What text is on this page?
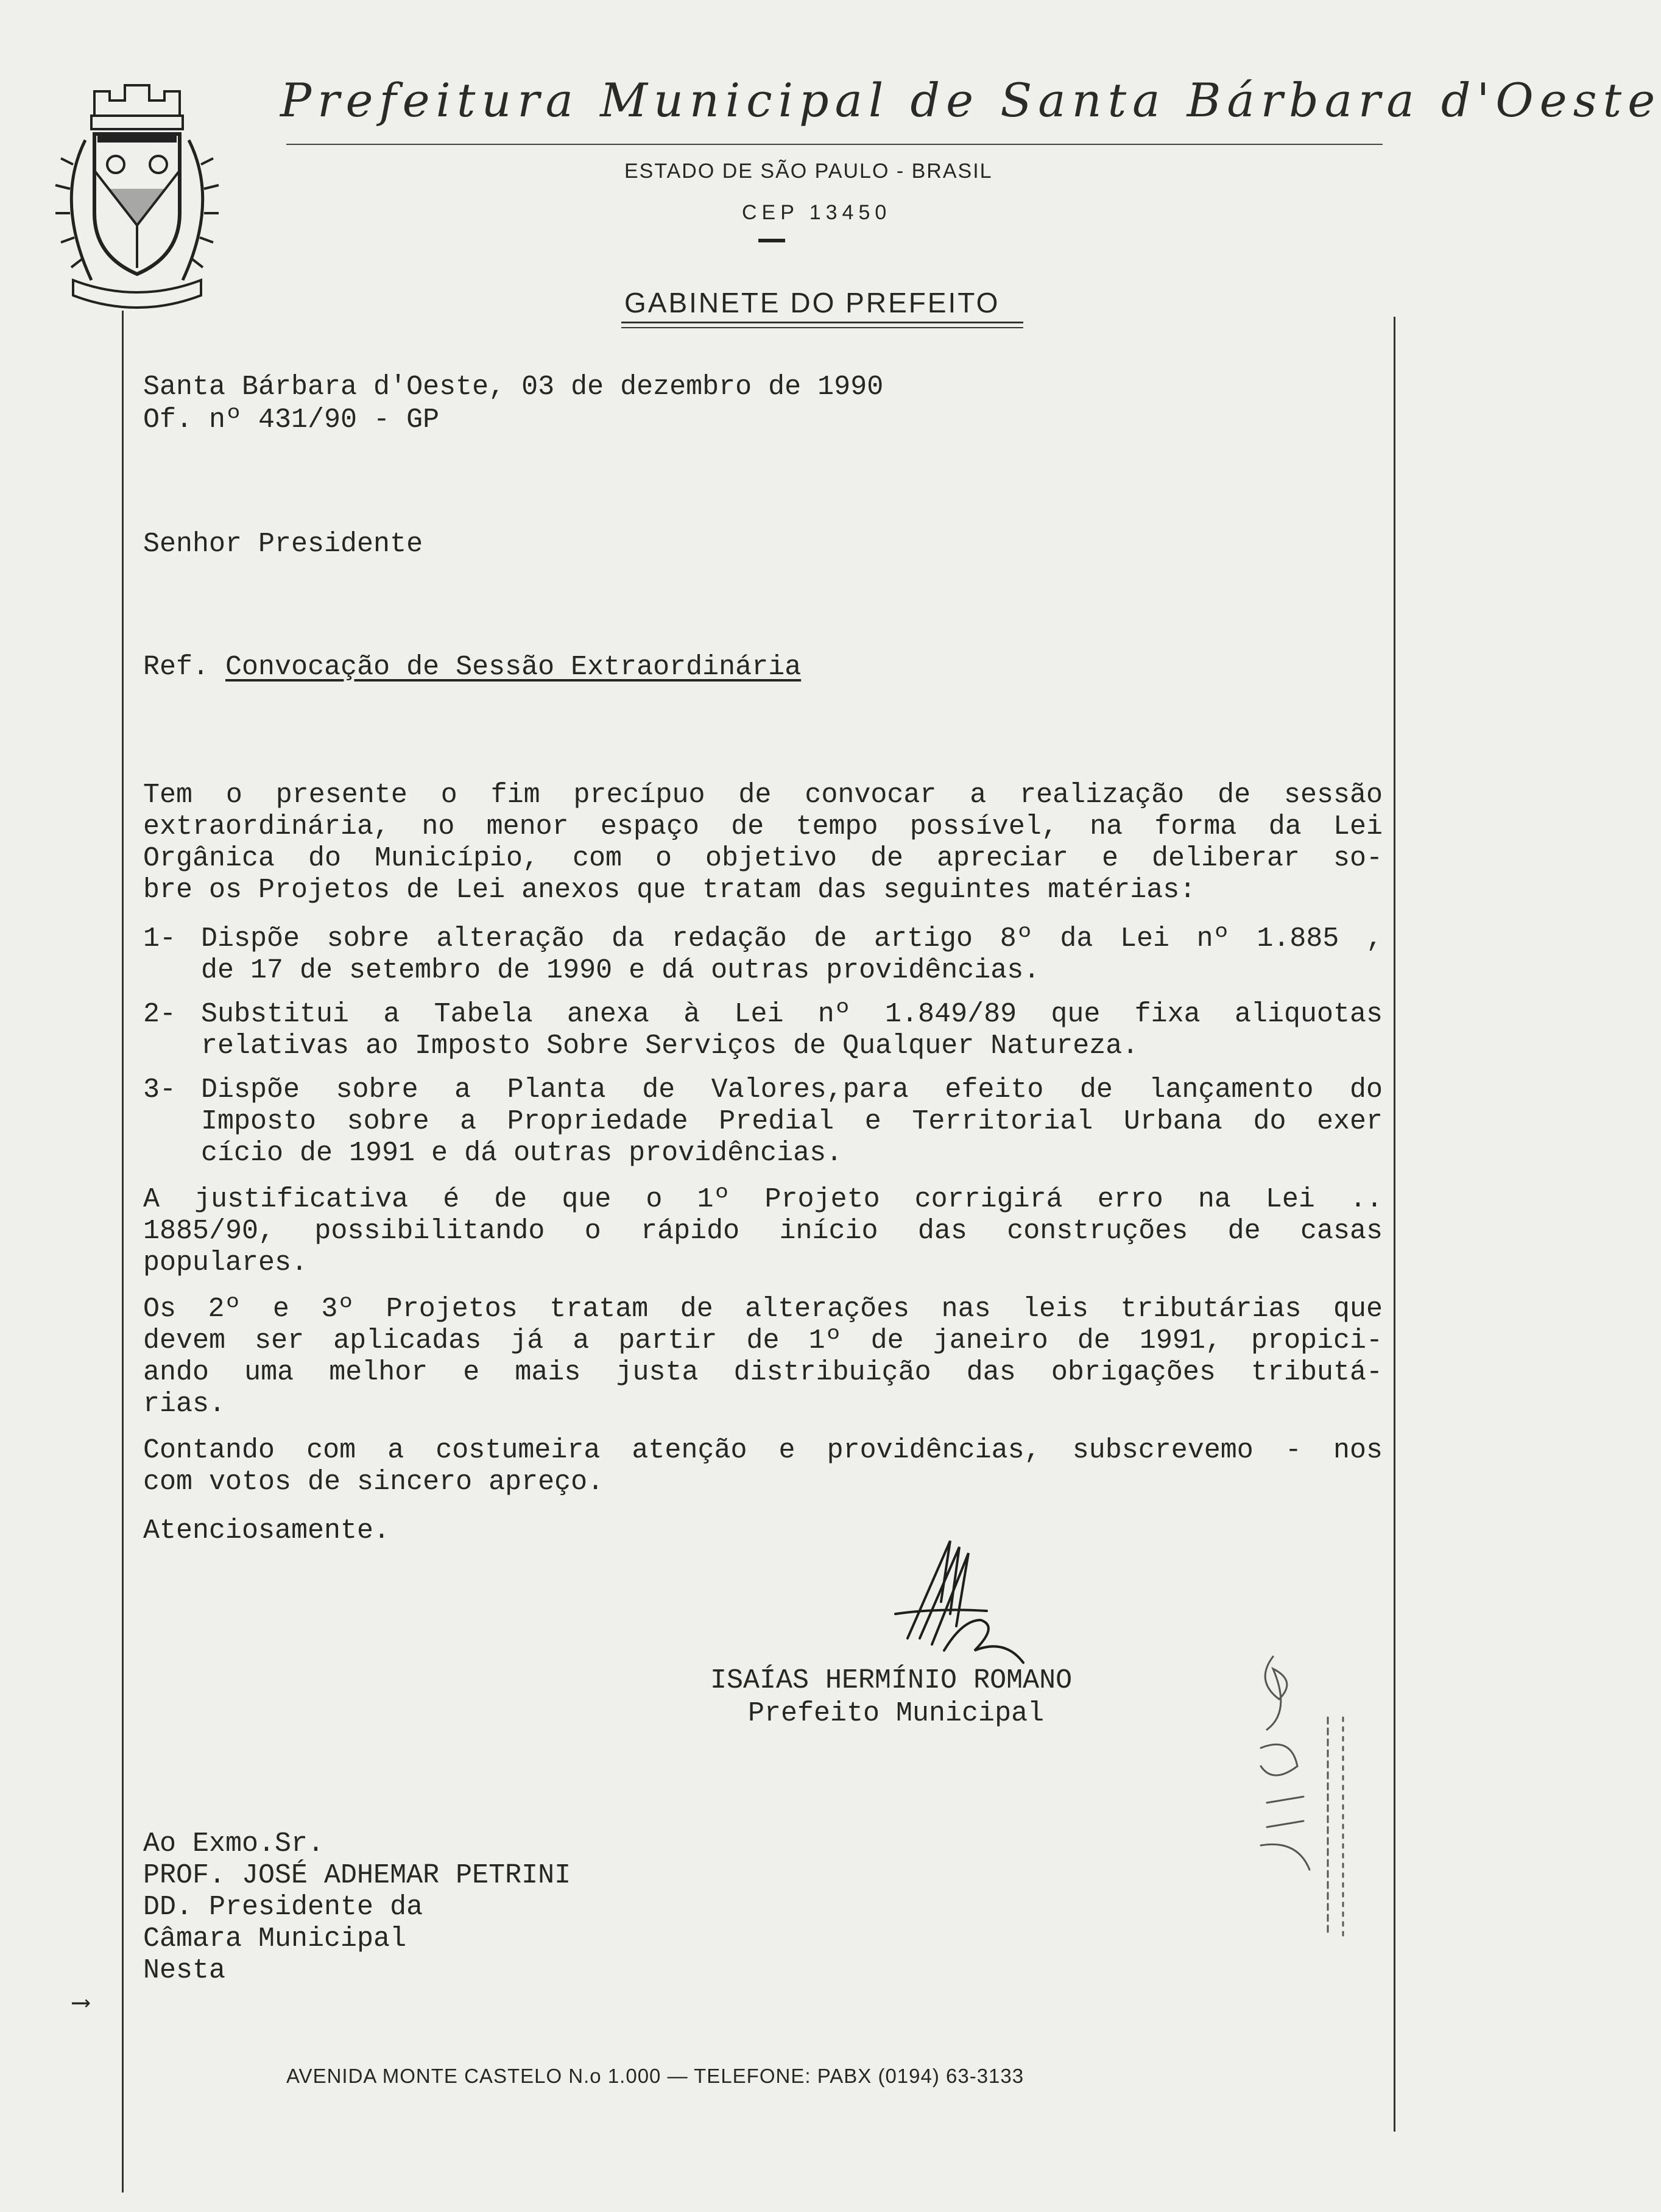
Prefeitura Municipal de Santa Bárbara d'Oeste
ESTADO DE SÃO PAULO - BRASIL
CEP 13450
GABINETE DO PREFEITO
Santa Bárbara d'Oeste, 03 de dezembro de 1990
Of. nº 431/90 - GP
Senhor Presidente
Ref. Convocação de Sessão Extraordinária
Tem o presente o fim precípuo de convocar a realização de sessão
extraordinária, no menor espaço de tempo possível, na forma da Lei
Orgânica do Município, com o objetivo de apreciar e deliberar so-
bre os Projetos de Lei anexos que tratam das seguintes matérias:
1- Dispõe sobre alteração da redação de artigo 8º da Lei nº 1.885 ,
de 17 de setembro de 1990 e dá outras providências.
2- Substitui a Tabela anexa à Lei nº 1.849/89 que fixa aliquotas
relativas ao Imposto Sobre Serviços de Qualquer Natureza.
3- Dispõe sobre a Planta de Valores,para efeito de lançamento do
Imposto sobre a Propriedade Predial e Territorial Urbana do exer
cício de 1991 e dá outras providências.
A justificativa é de que o 1º Projeto corrigirá erro na Lei ..
1885/90, possibilitando o rápido início das construções de casas
populares.
Os 2º e 3º Projetos tratam de alterações nas leis tributárias que
devem ser aplicadas já a partir de 1º de janeiro de 1991, propici-
ando uma melhor e mais justa distribuição das obrigações tributá-
rias.
Contando com a costumeira atenção e providências, subscrevemo - nos
com votos de sincero apreço.
Atenciosamente.
ISAÍAS HERMÍNIO ROMANO
Prefeito Municipal
Ao Exmo.Sr.
PROF. JOSÉ ADHEMAR PETRINI
DD. Presidente da
Câmara Municipal
Nesta
⟶
AVENIDA MONTE CASTELO N.o 1.000 — TELEFONE: PABX (0194) 63-3133
